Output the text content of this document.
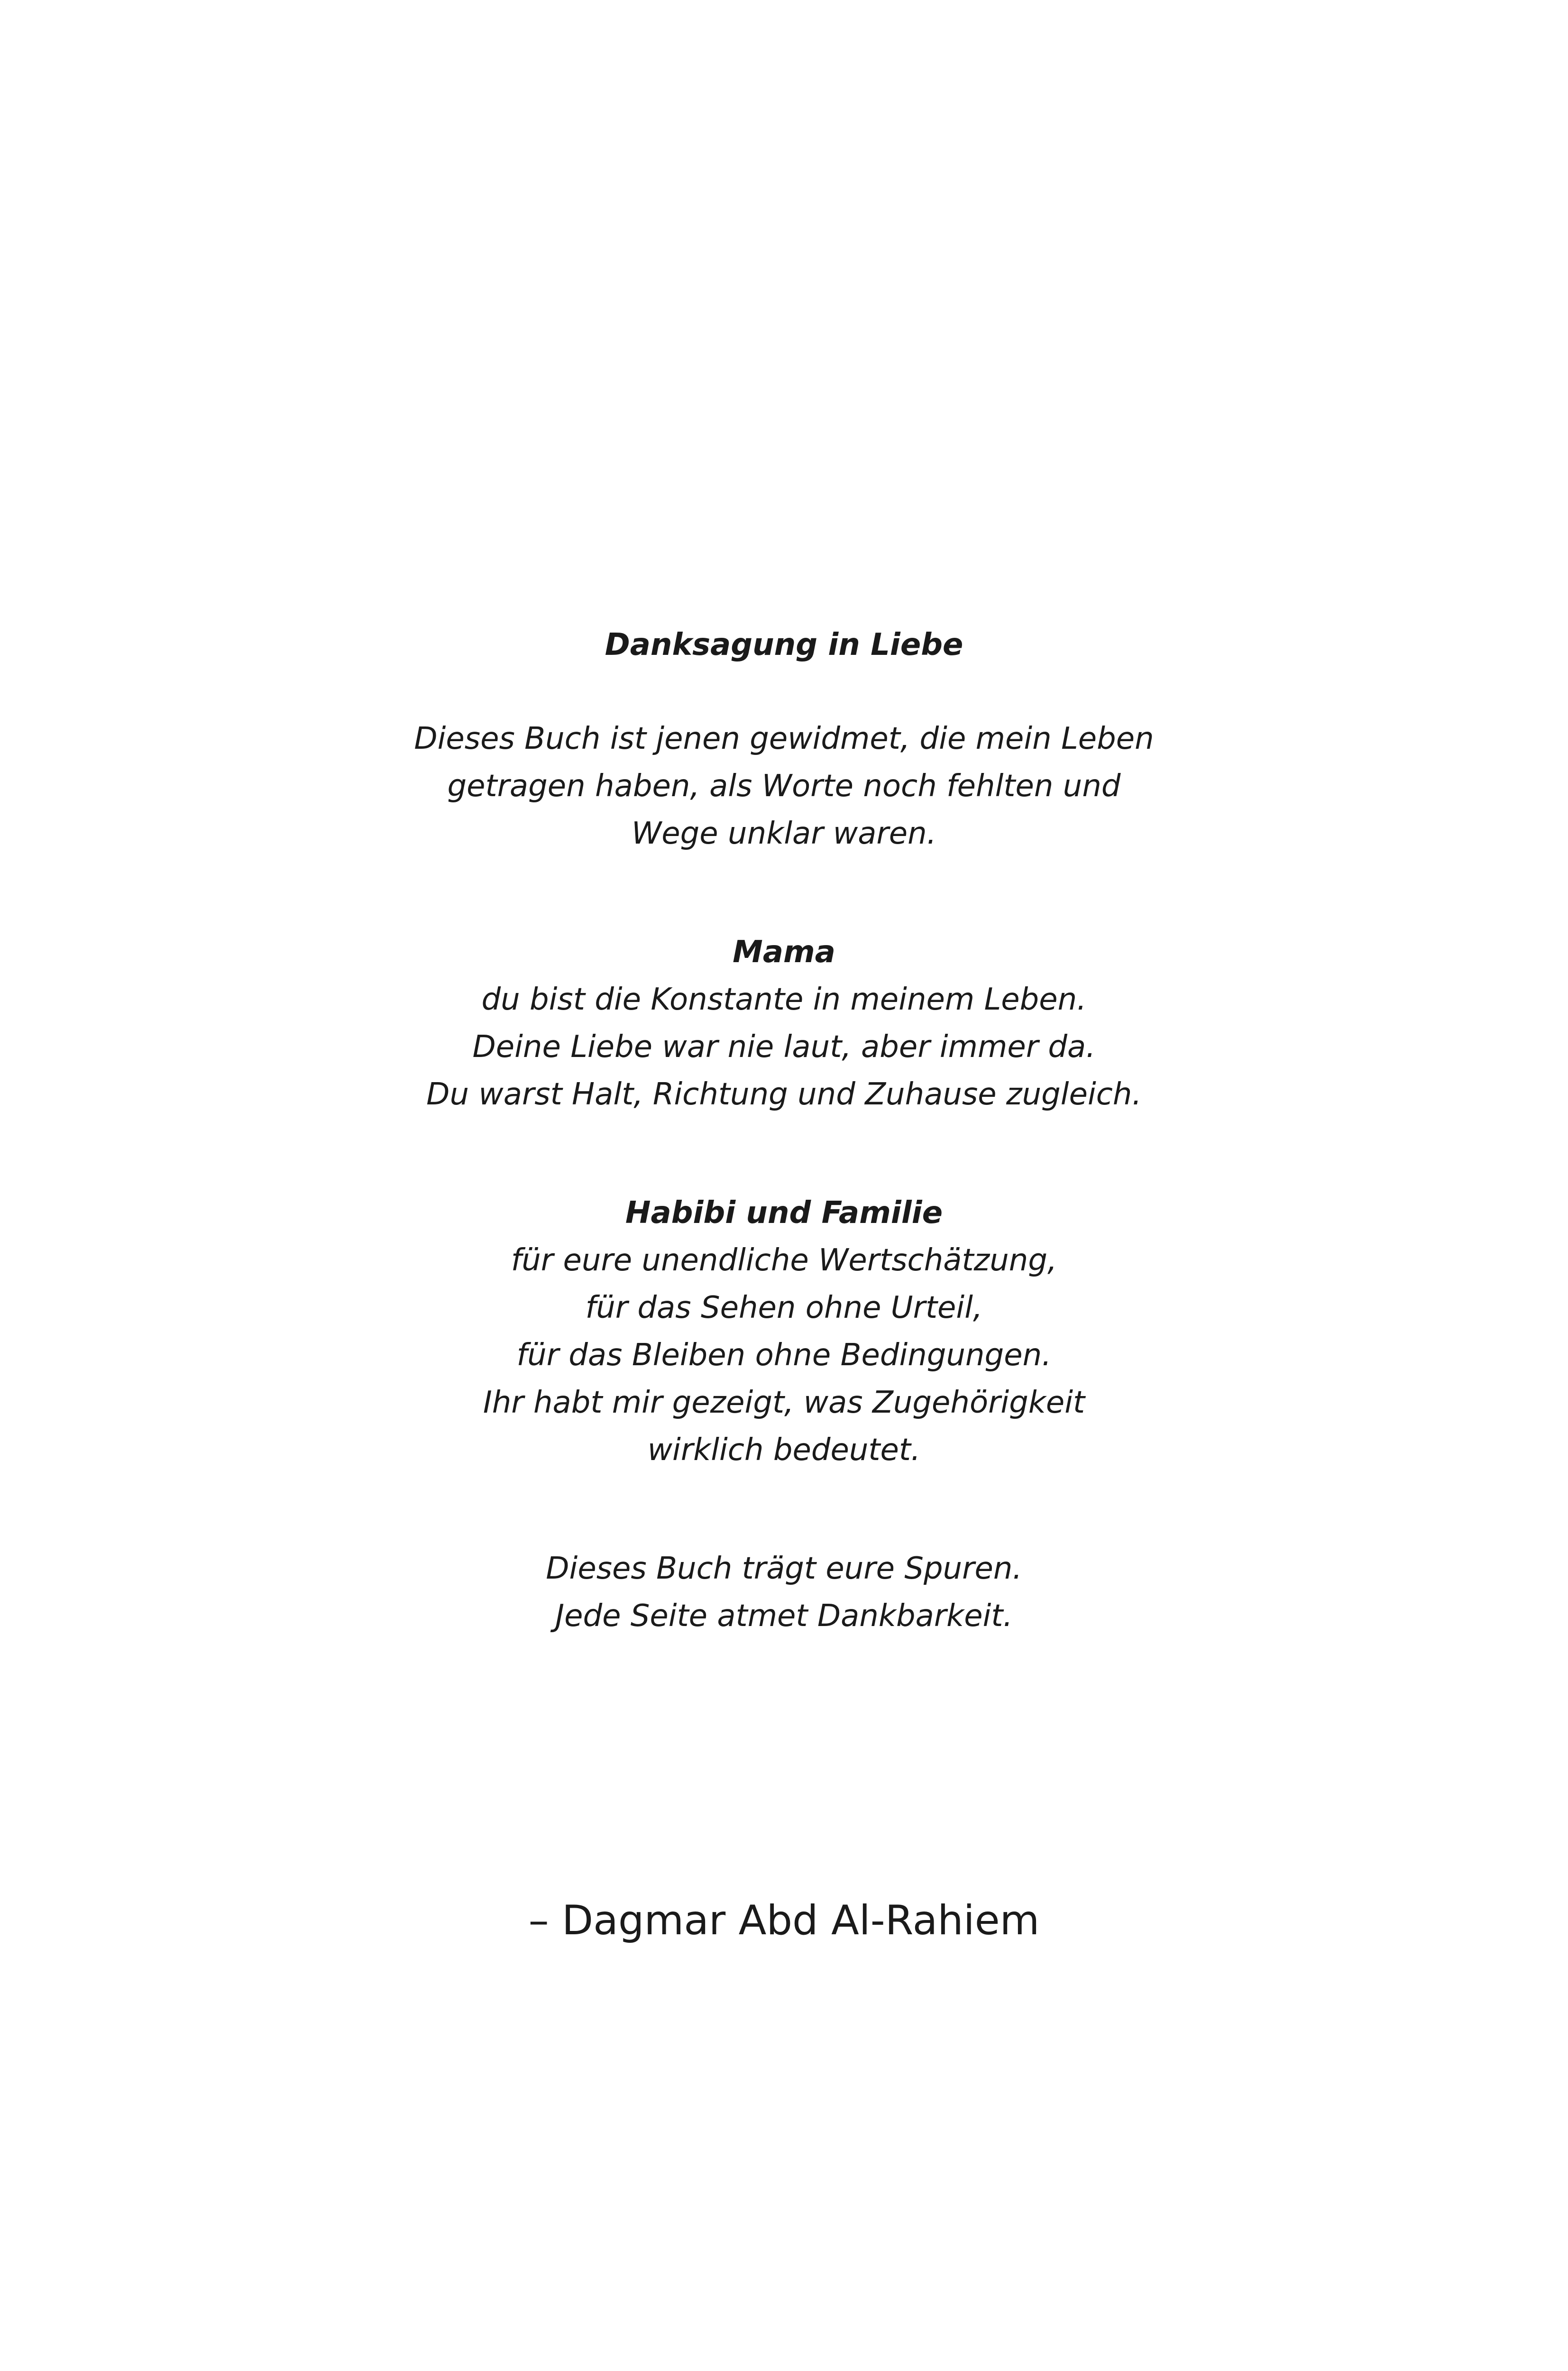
Danksagung in Liebe
Dieses Buch ist jenen gewidmet, die mein Leben
getragen haben, als Worte noch fehlten und
Wege unklar waren.
Mama
du bist die Konstante in meinem Leben.
Deine Liebe war nie laut, aber immer da.
Du warst Halt, Richtung und Zuhause zugleich.
Habibi und Familie
für eure unendliche Wertschätzung,
für das Sehen ohne Urteil,
für das Bleiben ohne Bedingungen.
Ihr habt mir gezeigt, was Zugehörigkeit
wirklich bedeutet.
Dieses Buch trägt eure Spuren.
Jede Seite atmet Dankbarkeit.
– Dagmar Abd Al-Rahiem
